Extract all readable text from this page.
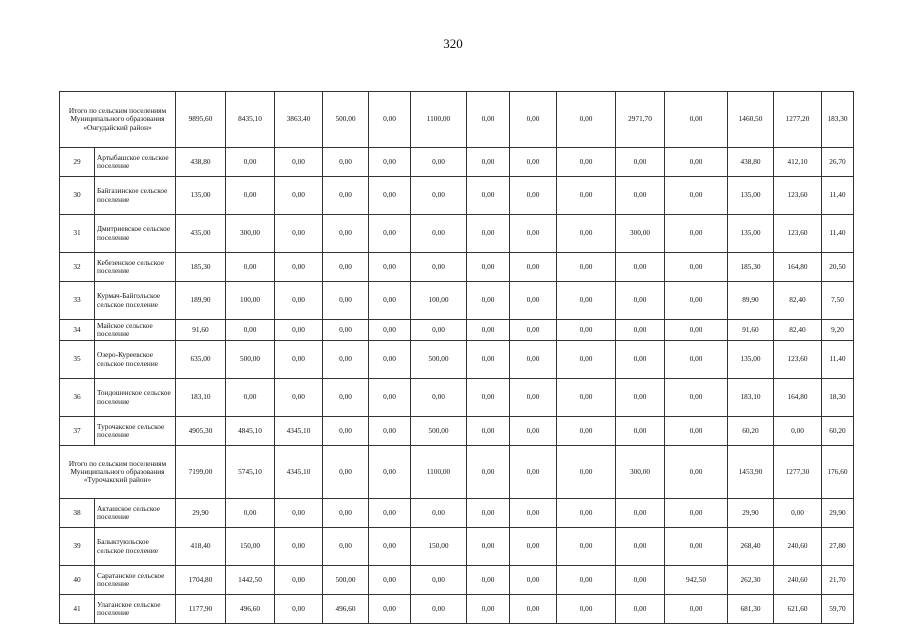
320
Итого по сельским поселениям Муниципального образования «Онгудайский район»		9895,60	8435,10	3863,40	500,00	0,00	1100,00	0,00	0,00	0,00	2971,70	0,00	1460,50	1277,20	183,30
29	Артыбашское сельское поселение	438,80	0,00	0,00	0,00	0,00	0,00	0,00	0,00	0,00	0,00	0,00	438,80	412,10	26,70
30	Байгазинское сельское поселение	135,00	0,00	0,00	0,00	0,00	0,00	0,00	0,00	0,00	0,00	0,00	135,00	123,60	11,40
31	Дмитриевское сельское поселение	435,00	300,00	0,00	0,00	0,00	0,00	0,00	0,00	0,00	300,00	0,00	135,00	123,60	11,40
32	Кебезенское сельское поселение	185,30	0,00	0,00	0,00	0,00	0,00	0,00	0,00	0,00	0,00	0,00	185,30	164,80	20,50
33	Курмач-Байгольское сельское поселение	189,90	100,00	0,00	0,00	0,00	100,00	0,00	0,00	0,00	0,00	0,00	89,90	82,40	7,50
34	Майское сельское поселение	91,60	0,00	0,00	0,00	0,00	0,00	0,00	0,00	0,00	0,00	0,00	91,60	82,40	9,20
35	Озеро-Куреевское сельское поселение	635,00	500,00	0,00	0,00	0,00	500,00	0,00	0,00	0,00	0,00	0,00	135,00	123,60	11,40
36	Тондошенское сельское поселение	183,10	0,00	0,00	0,00	0,00	0,00	0,00	0,00	0,00	0,00	0,00	183,10	164,80	18,30
37	Турочакское сельское поселение	4905,30	4845,10	4345,10	0,00	0,00	500,00	0,00	0,00	0,00	0,00	0,00	60,20	0,00	60,20
Итого по сельским поселениям Муниципального образования «Турочакский район»		7199,00	5745,10	4345,10	0,00	0,00	1100,00	0,00	0,00	0,00	300,00	0,00	1453,90	1277,30	176,60
38	Акташское сельское поселение	29,90	0,00	0,00	0,00	0,00	0,00	0,00	0,00	0,00	0,00	0,00	29,90	0,00	29,90
39	Балыктуюльское сельское поселение	418,40	150,00	0,00	0,00	0,00	150,00	0,00	0,00	0,00	0,00	0,00	268,40	240,60	27,80
40	Саратанское сельское поселение	1704,80	1442,50	0,00	500,00	0,00	0,00	0,00	0,00	0,00	0,00	942,50	262,30	240,60	21,70
41	Улаганское сельское поселение	1177,90	496,60	0,00	496,60	0,00	0,00	0,00	0,00	0,00	0,00	0,00	681,30	621,60	59,70
